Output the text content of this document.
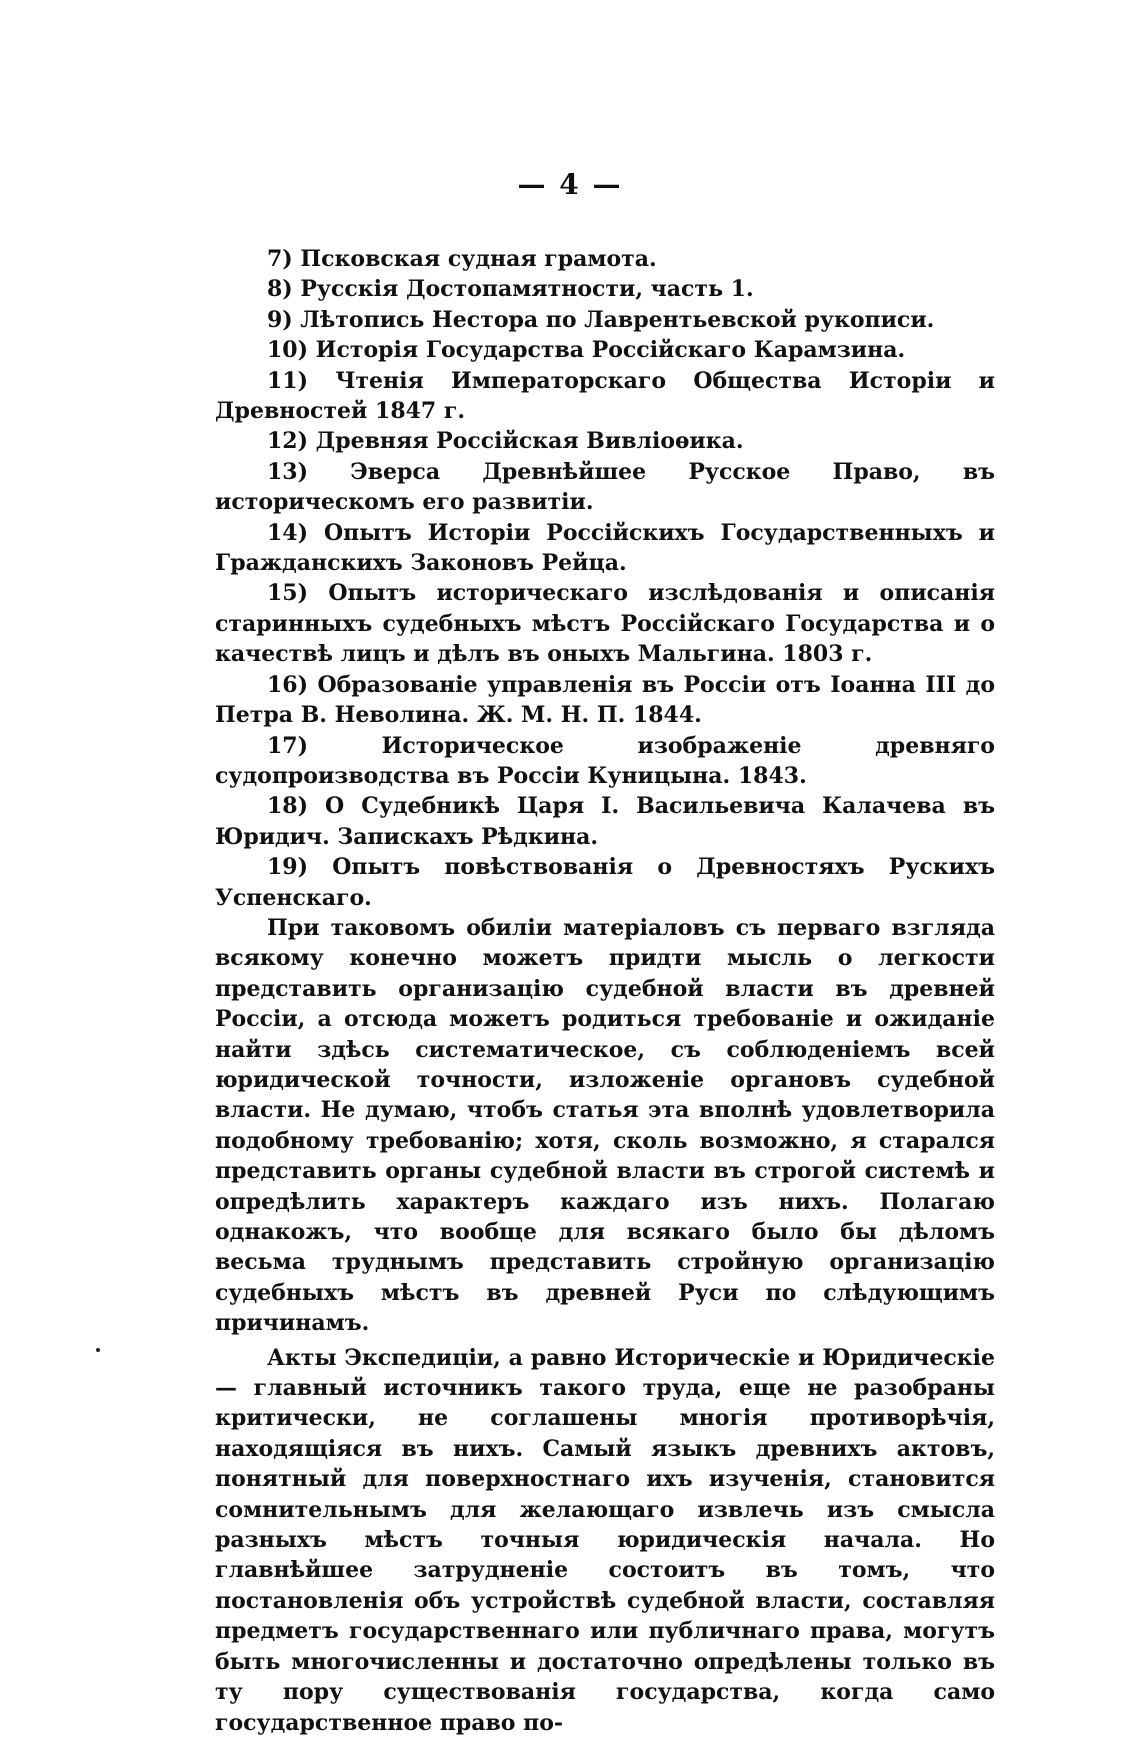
— 4 —

7) Псковская судная грамота.

8) Русскія Достопамятности, часть 1.

9) Лѣтопись Нестора по Лаврентьевской рукописи.

10) Исторія Государства Россійскаго Карамзина.

11) Чтенія Императорскаго Общества Исторіи и Древностей 1847 г.

12) Древняя Россійская Вивліоѳика.

13) Эверса Древнѣйшее Русское Право, въ историческомъ его развитіи.

14) Опытъ Исторіи Россійскихъ Государственныхъ и Гражданскихъ Законовъ Рейца.

15) Опытъ историческаго изслѣдованія и описанія старинныхъ судебныхъ мѣстъ Россійскаго Государства и о качествѣ лицъ и дѣлъ въ оныхъ Мальгина. 1803 г.

16) Образованіе управленія въ Россіи отъ Іоанна III до Петра В. Неволина. Ж. М. Н. П. 1844.

17) Историческое изображеніе древняго судопроизводства въ Россіи Куницына. 1843.

18) О Судебникѣ Царя І. Васильевича Калачева въ Юридич. Запискахъ Рѣдкина.

19) Опытъ повѣствованія о Древностяхъ Рускихъ Успенскаго.

При таковомъ обиліи матеріаловъ съ перваго взгляда всякому конечно можетъ придти мысль о легкости представить организацію судебной власти въ древней Россіи, а отсюда можетъ родиться требованіе и ожиданіе найти здѣсь систематическое, съ соблюденіемъ всей юридической точности, изложеніе органовъ судебной власти. Не думаю, чтобъ статья эта вполнѣ удовлетворила подобному требованію; хотя, сколь возможно, я старался представить органы судебной власти въ строгой системѣ и опредѣлить характеръ каждаго изъ нихъ. Полагаю однакожъ, что вообще для всякаго было бы дѣломъ весьма труднымъ представить стройную организацію судебныхъ мѣстъ въ древней Руси по слѣдующимъ причинамъ.

Акты Экспедиціи, а равно Историческіе и Юридическіе — главный источникъ такого труда, еще не разобраны критически, не соглашены многія противорѣчія, находящіяся въ нихъ. Самый языкъ древнихъ актовъ, понятный для поверхностнаго ихъ изученія, становится сомнительнымъ для желающаго извлечь изъ смысла разныхъ мѣстъ точныя юридическія начала. Но главнѣйшее затрудненіе состоитъ въ томъ, что постановленія объ устройствѣ судебной власти, составляя предметъ государственнаго или публичнаго права, могутъ быть многочисленны и достаточно опредѣлены только въ ту пору существованія государства, когда само государственное право по-
